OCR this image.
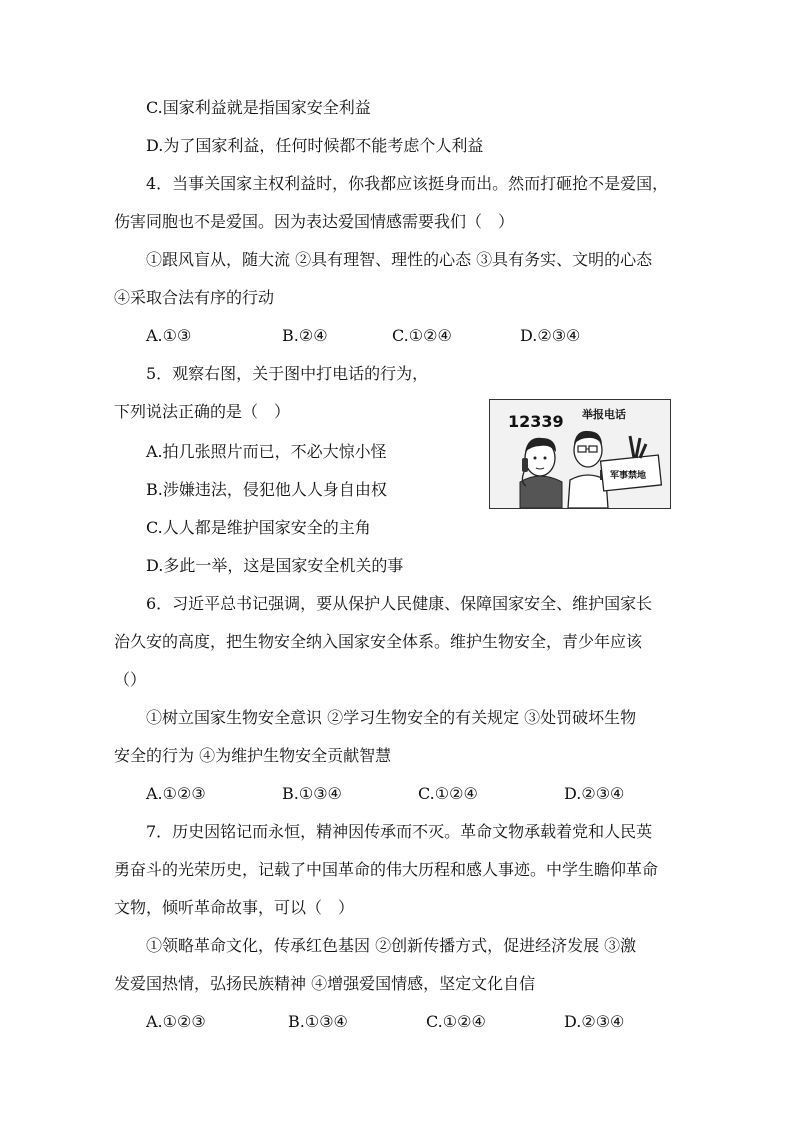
C.国家利益就是指国家安全利益
D.为了国家利益，任何时候都不能考虑个人利益
4．当事关国家主权利益时，你我都应该挺身而出。然而打砸抢不是爱国，
伤害同胞也不是爱国。因为表达爱国情感需要我们（　）
①跟风盲从，随大流 ②具有理智、理性的心态 ③具有务实、文明的心态
④采取合法有序的行动
A.①③	B.②④	C.①②④	D.②③④
5．观察右图，关于图中打电话的行为，
下列说法正确的是（　）
A.拍几张照片而已，不必大惊小怪
B.涉嫌违法，侵犯他人人身自由权
C.人人都是维护国家安全的主角
D.多此一举，这是国家安全机关的事
12339 举报电话
军事禁地
6．习近平总书记强调，要从保护人民健康、保障国家安全、维护国家长
治久安的高度，把生物安全纳入国家安全体系。维护生物安全，青少年应该
（）
①树立国家生物安全意识 ②学习生物安全的有关规定 ③处罚破坏生物
安全的行为 ④为维护生物安全贡献智慧
A.①②③	B.①③④	C.①②④	D.②③④
7．历史因铭记而永恒，精神因传承而不灭。革命文物承载着党和人民英
勇奋斗的光荣历史，记载了中国革命的伟大历程和感人事迹。中学生瞻仰革命
文物，倾听革命故事，可以（　）
①领略革命文化，传承红色基因 ②创新传播方式，促进经济发展 ③激
发爱国热情，弘扬民族精神 ④增强爱国情感，坚定文化自信
A.①②③	B.①③④	C.①②④	D.②③④
